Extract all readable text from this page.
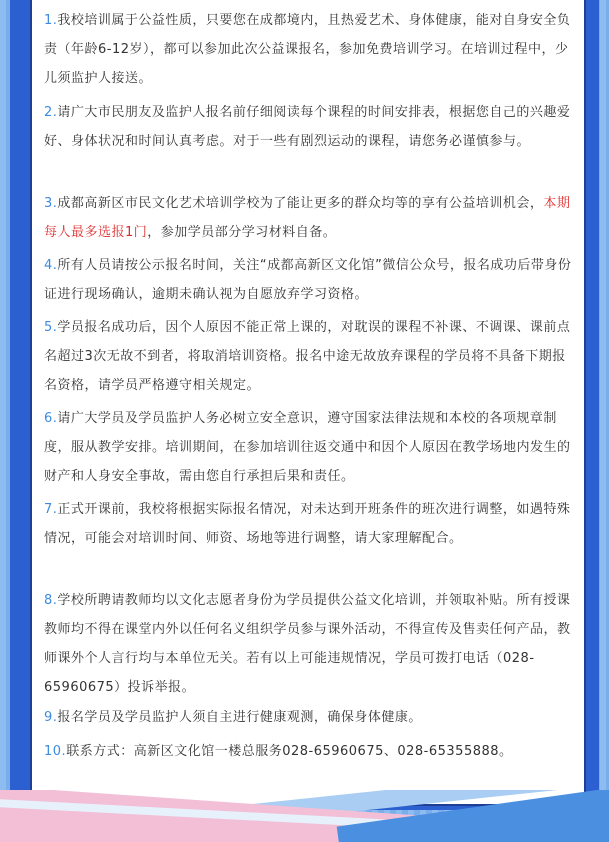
1.我校培训属于公益性质，只要您在成都境内，且热爱艺术、身体健康，能对自身安全负责（年龄6-12岁），都可以参加此次公益课报名，参加免费培训学习。在培训过程中，少儿须监护人接送。

2.请广大市民朋友及监护人报名前仔细阅读每个课程的时间安排表，根据您自己的兴趣爱好、身体状况和时间认真考虑。对于一些有剧烈运动的课程，请您务必谨慎参与。

3.成都高新区市民文化艺术培训学校为了能让更多的群众均等的享有公益培训机会，本期每人最多选报1门，参加学员部分学习材料自备。

4.所有人员请按公示报名时间，关注“成都高新区文化馆”微信公众号，报名成功后带身份证进行现场确认，逾期未确认视为自愿放弃学习资格。

5.学员报名成功后，因个人原因不能正常上课的，对耽误的课程不补课、不调课、课前点名超过3次无故不到者，将取消培训资格。报名中途无故放弃课程的学员将不具备下期报名资格，请学员严格遵守相关规定。

6.请广大学员及学员监护人务必树立安全意识，遵守国家法律法规和本校的各项规章制度，服从教学安排。培训期间，在参加培训往返交通中和因个人原因在教学场地内发生的财产和人身安全事故，需由您自行承担后果和责任。

7.正式开课前，我校将根据实际报名情况，对未达到开班条件的班次进行调整，如遇特殊情况，可能会对培训时间、师资、场地等进行调整，请大家理解配合。

8.学校所聘请教师均以文化志愿者身份为学员提供公益文化培训，并领取补贴。所有授课教师均不得在课堂内外以任何名义组织学员参与课外活动，不得宣传及售卖任何产品，教师课外个人言行均与本单位无关。若有以上可能违规情况，学员可拨打电话（028-65960675）投诉举报。

9.报名学员及学员监护人须自主进行健康观测，确保身体健康。

10.联系方式：高新区文化馆一楼总服务028-65960675、028-65355888。
